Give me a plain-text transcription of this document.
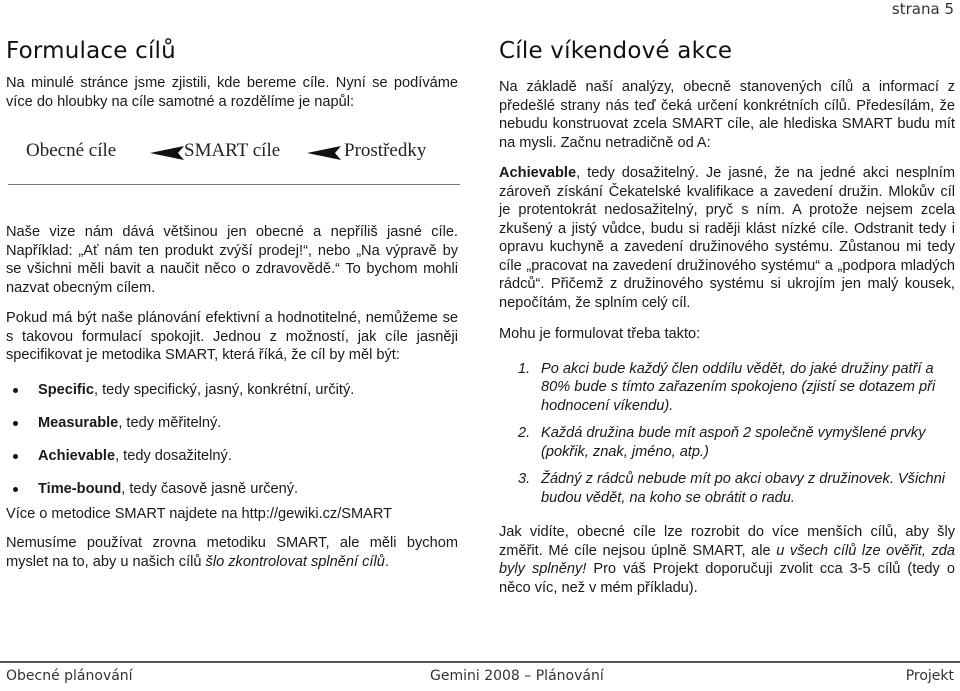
strana 5
Formulace cílů

Na minulé stránce jsme zjistili, kde bereme cíle. Nyní se podíváme více do hloubky na cíle samotné a rozdělíme je napůl:

Obecné cíle	SMART cíle	Prostředky

Naše vize nám dává většinou jen obecné a nepříliš jasné cíle. Například: „Ať nám ten produkt zvýší prodej!“, nebo „Na výpravě by se všichni měli bavit a naučit něco o zdravovědě.“ To bychom mohli nazvat obecným cílem.

Pokud má být naše plánování efektivní a hodnotitelné, nemůžeme se s takovou formulací spokojit. Jednou z možností, jak cíle jasněji specifikovat je metodika SMART, která říká, že cíl by měl být:

Specific, tedy specifický, jasný, konkrétní, určitý.
Measurable, tedy měřitelný.
Achievable, tedy dosažitelný.
Time-bound, tedy časově jasně určený.

Více o metodice SMART najdete na http://gewiki.cz/SMART

Nemusíme používat zrovna metodiku SMART, ale měli bychom myslet na to, aby u našich cílů šlo zkontrolovat splnění cílů.

Cíle víkendové akce

Na základě naší analýzy, obecně stanovených cílů a informací z předešlé strany nás teď čeká určení konkrétních cílů. Předesílám, že nebudu konstruovat zcela SMART cíle, ale hlediska SMART budu mít na mysli. Začnu netradičně od A:

Achievable, tedy dosažitelný. Je jasné, že na jedné akci nesplním zároveň získání Čekatelské kvalifikace a zavedení družin. Mlokův cíl je protentokrát nedosažitelný, pryč s ním. A protože nejsem zcela zkušený a jistý vůdce, budu si raději klást nízké cíle. Odstranit tedy i opravu kuchyně a zavedení družinového systému. Zůstanou mi tedy cíle „pracovat na zavedení družinového systému“ a „podpora mladých rádců“. Přičemž z družinového systému si ukrojím jen malý kousek, nepočítám, že splním celý cíl.

Mohu je formulovat třeba takto:

1. Po akci bude každý člen oddílu vědět, do jaké družiny patří a 80% bude s tímto zařazením spokojeno (zjistí se dotazem při hodnocení víkendu).
2. Každá družina bude mít aspoň 2 společně vymyšlené prvky (pokřik, znak, jméno, atp.)
3. Žádný z rádců nebude mít po akci obavy z družinovek. Všichni budou vědět, na koho se obrátit o radu.

Jak vidíte, obecné cíle lze rozrobit do více menších cílů, aby šly změřit. Mé cíle nejsou úplně SMART, ale u všech cílů lze ověřit, zda byly splněny! Pro váš Projekt doporučuji zvolit cca 3-5 cílů (tedy o něco víc, než v mém příkladu).

Obecné plánování	Gemini 2008 – Plánování	Projekt
